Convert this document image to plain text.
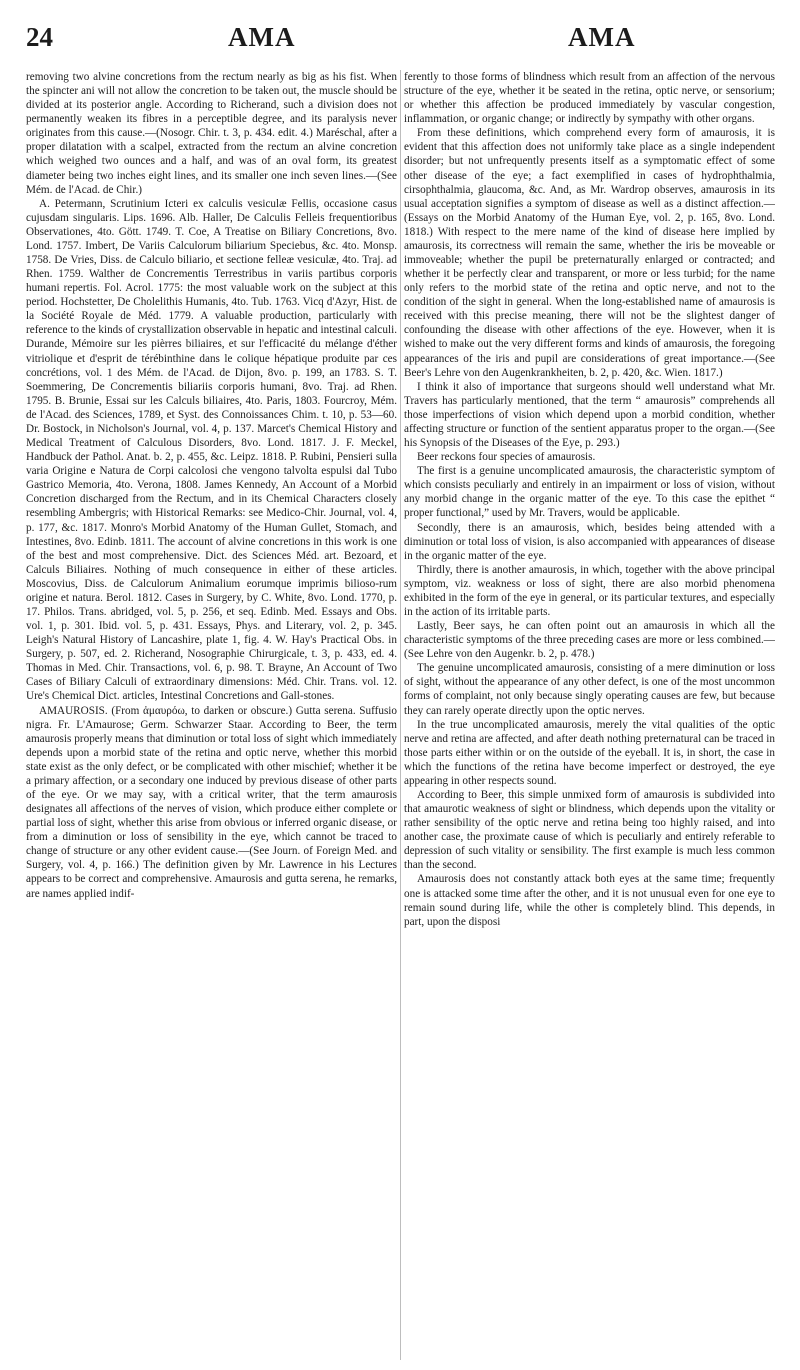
24	AMA	AMA

removing two alvine concretions from the rectum nearly as big as his fist. When the spincter ani will not allow the concretion to be taken out, the muscle should be divided at its posterior angle. According to Richerand, such a division does not permanently weaken its fibres in a perceptible degree, and its paralysis never originates from this cause.—(Nosogr. Chir. t. 3, p. 434. edit. 4.) Maréschal, after a proper dilatation with a scalpel, extracted from the rectum an alvine concretion which weighed two ounces and a half, and was of an oval form, its greatest diameter being two inches eight lines, and its smaller one inch seven lines.—(See Mém. de l'Acad. de Chir.)

A. Petermann, Scrutinium Icteri ex calculis vesiculæ Fellis, occasione casus cujusdam singularis. Lips. 1696. Alb. Haller, De Calculis Felleis frequentioribus Observationes, 4to. Gött. 1749. T. Coe, A Treatise on Biliary Concretions, 8vo. Lond. 1757. Imbert, De Variis Calculorum biliarium Speciebus, &c. 4to. Monsp. 1758. De Vries, Diss. de Calculo biliario, et sectione felleæ vesiculæ, 4to. Traj. ad Rhen. 1759. Walther de Concrementis Terrestribus in variis partibus corporis humani repertis. Fol. Acrol. 1775: the most valuable work on the subject at this period. Hochstetter, De Cholelithis Humanis, 4to. Tub. 1763. Vicq d'Azyr, Hist. de la Société Royale de Méd. 1779. A valuable production, particularly with reference to the kinds of crystallization observable in hepatic and intestinal calculi. Durande, Mémoire sur les pièrres biliaires, et sur l'efficacité du mélange d'éther vitriolique et d'esprit de térébinthine dans le colique hépatique produite par ces concrétions, vol. 1 des Mém. de l'Acad. de Dijon, 8vo. p. 199, an 1783. S. T. Soemmering, De Concrementis biliariis corporis humani, 8vo. Traj. ad Rhen. 1795. B. Brunie, Essai sur les Calculs biliaires, 4to. Paris, 1803. Fourcroy, Mém. de l'Acad. des Sciences, 1789, et Syst. des Connoissances Chim. t. 10, p. 53—60. Dr. Bostock, in Nicholson's Journal, vol. 4, p. 137. Marcet's Chemical History and Medical Treatment of Calculous Disorders, 8vo. Lond. 1817. J. F. Meckel, Handbuck der Pathol. Anat. b. 2, p. 455, &c. Leipz. 1818. P. Rubini, Pensieri sulla varia Origine e Natura de Corpi calcolosi che vengono talvolta espulsi dal Tubo Gastrico Memoria, 4to. Verona, 1808. James Kennedy, An Account of a Morbid Concretion discharged from the Rectum, and in its Chemical Characters closely resembling Ambergris; with Historical Remarks: see Medico-Chir. Journal, vol. 4, p. 177, &c. 1817. Monro's Morbid Anatomy of the Human Gullet, Stomach, and Intestines, 8vo. Edinb. 1811. The account of alvine concretions in this work is one of the best and most comprehensive. Dict. des Sciences Méd. art. Bezoard, et Calculs Biliaires. Nothing of much consequence in either of these articles. Moscovius, Diss. de Calculorum Animalium eorumque imprimis bilioso-rum origine et natura. Berol. 1812. Cases in Surgery, by C. White, 8vo. Lond. 1770, p. 17. Philos. Trans. abridged, vol. 5, p. 256, et seq. Edinb. Med. Essays and Obs. vol. 1, p. 301. Ibid. vol. 5, p. 431. Essays, Phys. and Literary, vol. 2, p. 345. Leigh's Natural History of Lancashire, plate 1, fig. 4. W. Hay's Practical Obs. in Surgery, p. 507, ed. 2. Richerand, Nosographie Chirurgicale, t. 3, p. 433, ed. 4. Thomas in Med. Chir. Transactions, vol. 6, p. 98. T. Brayne, An Account of Two Cases of Biliary Calculi of extraordinary dimensions: Méd. Chir. Trans. vol. 12. Ure's Chemical Dict. articles, Intestinal Concretions and Gall-stones.

AMAUROSIS. (From ἀμαυρόω, to darken or obscure.) Gutta serena. Suffusio nigra. Fr. L'Amaurose; Germ. Schwarzer Staar. According to Beer, the term amaurosis properly means that diminution or total loss of sight which immediately depends upon a morbid state of the retina and optic nerve, whether this morbid state exist as the only defect, or be complicated with other mischief; whether it be a primary affection, or a secondary one induced by previous disease of other parts of the eye. Or we may say, with a critical writer, that the term amaurosis designates all affections of the nerves of vision, which produce either complete or partial loss of sight, whether this arise from obvious or inferred organic disease, or from a diminution or loss of sensibility in the eye, which cannot be traced to change of structure or any other evident cause.—(See Journ. of Foreign Med. and Surgery, vol. 4, p. 166.) The definition given by Mr. Lawrence in his Lectures appears to be correct and comprehensive. Amaurosis and gutta serena, he remarks, are names applied indif-

ferently to those forms of blindness which result from an affection of the nervous structure of the eye, whether it be seated in the retina, optic nerve, or sensorium; or whether this affection be produced immediately by vascular congestion, inflammation, or organic change; or indirectly by sympathy with other organs.

From these definitions, which comprehend every form of amaurosis, it is evident that this affection does not uniformly take place as a single independent disorder; but not unfrequently presents itself as a symptomatic effect of some other disease of the eye; a fact exemplified in cases of hydrophthalmia, cirsophthalmia, glaucoma, &c. And, as Mr. Wardrop observes, amaurosis in its usual acceptation signifies a symptom of disease as well as a distinct affection.—(Essays on the Morbid Anatomy of the Human Eye, vol. 2, p. 165, 8vo. Lond. 1818.) With respect to the mere name of the kind of disease here implied by amaurosis, its correctness will remain the same, whether the iris be moveable or immoveable; whether the pupil be preternaturally enlarged or contracted; and whether it be perfectly clear and transparent, or more or less turbid; for the name only refers to the morbid state of the retina and optic nerve, and not to the condition of the sight in general. When the long-established name of amaurosis is received with this precise meaning, there will not be the slightest danger of confounding the disease with other affections of the eye. However, when it is wished to make out the very different forms and kinds of amaurosis, the foregoing appearances of the iris and pupil are considerations of great importance.—(See Beer's Lehre von den Augenkrankheiten, b. 2, p. 420, &c. Wien. 1817.)

I think it also of importance that surgeons should well understand what Mr. Travers has particularly mentioned, that the term “ amaurosis” comprehends all those imperfections of vision which depend upon a morbid condition, whether affecting structure or function of the sentient apparatus proper to the organ.—(See his Synopsis of the Diseases of the Eye, p. 293.)

Beer reckons four species of amaurosis.

The first is a genuine uncomplicated amaurosis, the characteristic symptom of which consists peculiarly and entirely in an impairment or loss of vision, without any morbid change in the organic matter of the eye. To this case the epithet “ proper functional,” used by Mr. Travers, would be applicable.

Secondly, there is an amaurosis, which, besides being attended with a diminution or total loss of vision, is also accompanied with appearances of disease in the organic matter of the eye.

Thirdly, there is another amaurosis, in which, together with the above principal symptom, viz. weakness or loss of sight, there are also morbid phenomena exhibited in the form of the eye in general, or its particular textures, and especially in the action of its irritable parts.

Lastly, Beer says, he can often point out an amaurosis in which all the characteristic symptoms of the three preceding cases are more or less combined.—(See Lehre von den Augenkr. b. 2, p. 478.)

The genuine uncomplicated amaurosis, consisting of a mere diminution or loss of sight, without the appearance of any other defect, is one of the most uncommon forms of complaint, not only because singly operating causes are few, but because they can rarely operate directly upon the optic nerves.

In the true uncomplicated amaurosis, merely the vital qualities of the optic nerve and retina are affected, and after death nothing preternatural can be traced in those parts either within or on the outside of the eyeball. It is, in short, the case in which the functions of the retina have become imperfect or destroyed, the eye appearing in other respects sound.

According to Beer, this simple unmixed form of amaurosis is subdivided into that amaurotic weakness of sight or blindness, which depends upon the vitality or rather sensibility of the optic nerve and retina being too highly raised, and into another case, the proximate cause of which is peculiarly and entirely referable to depression of such vitality or sensibility. The first example is much less common than the second.

Amaurosis does not constantly attack both eyes at the same time; frequently one is attacked some time after the other, and it is not unusual even for one eye to remain sound during life, while the other is completely blind. This depends, in part, upon the disposi
